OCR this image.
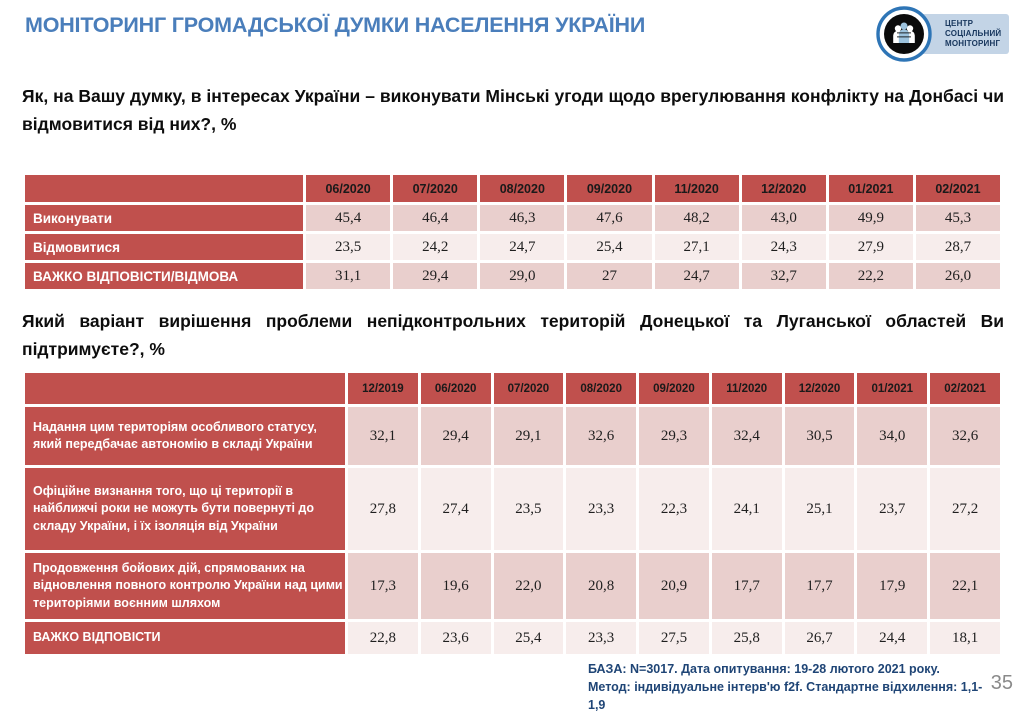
МОНІТОРИНГ ГРОМАДСЬКОЇ ДУМКИ НАСЕЛЕННЯ УКРАЇНИ	ЦЕНТР
СОЦІАЛЬНИЙ
МОНІТОРИНГ
Як, на Вашу думку, в інтересах України – виконувати Мінські угоди щодо врегулювання конфлікту на Донбасі чи відмовитися від них?, %
	06/2020	07/2020	08/2020	09/2020	11/2020	12/2020	01/2021	02/2021
Виконувати	45,4	46,4	46,3	47,6	48,2	43,0	49,9	45,3
Відмовитися	23,5	24,2	24,7	25,4	27,1	24,3	27,9	28,7
ВАЖКО ВІДПОВІСТИ/ВІДМОВА	31,1	29,4	29,0	27	24,7	32,7	22,2	26,0
Який варіант вирішення проблеми непідконтрольних територій Донецької та Луганської областей Ви підтримуєте?, %
	12/2019	06/2020	07/2020	08/2020	09/2020	11/2020	12/2020	01/2021	02/2021
Надання цим територіям особливого статусу, який передбачає автономію в складі України	32,1	29,4	29,1	32,6	29,3	32,4	30,5	34,0	32,6
Офіційне визнання того, що ці території в найближчі роки не можуть бути повернуті до складу України, і їх ізоляція від України	27,8	27,4	23,5	23,3	22,3	24,1	25,1	23,7	27,2
Продовження бойових дій, спрямованих на відновлення повного контролю України над цими територіями воєнним шляхом	17,3	19,6	22,0	20,8	20,9	17,7	17,7	17,9	22,1
ВАЖКО ВІДПОВІСТИ	22,8	23,6	25,4	23,3	27,5	25,8	26,7	24,4	18,1
БАЗА: N=3017. Дата опитування: 19-28 лютого 2021 року.
Метод: індивідуальне інтерв'ю f2f. Стандартне відхилення: 1,1-1,9
35
